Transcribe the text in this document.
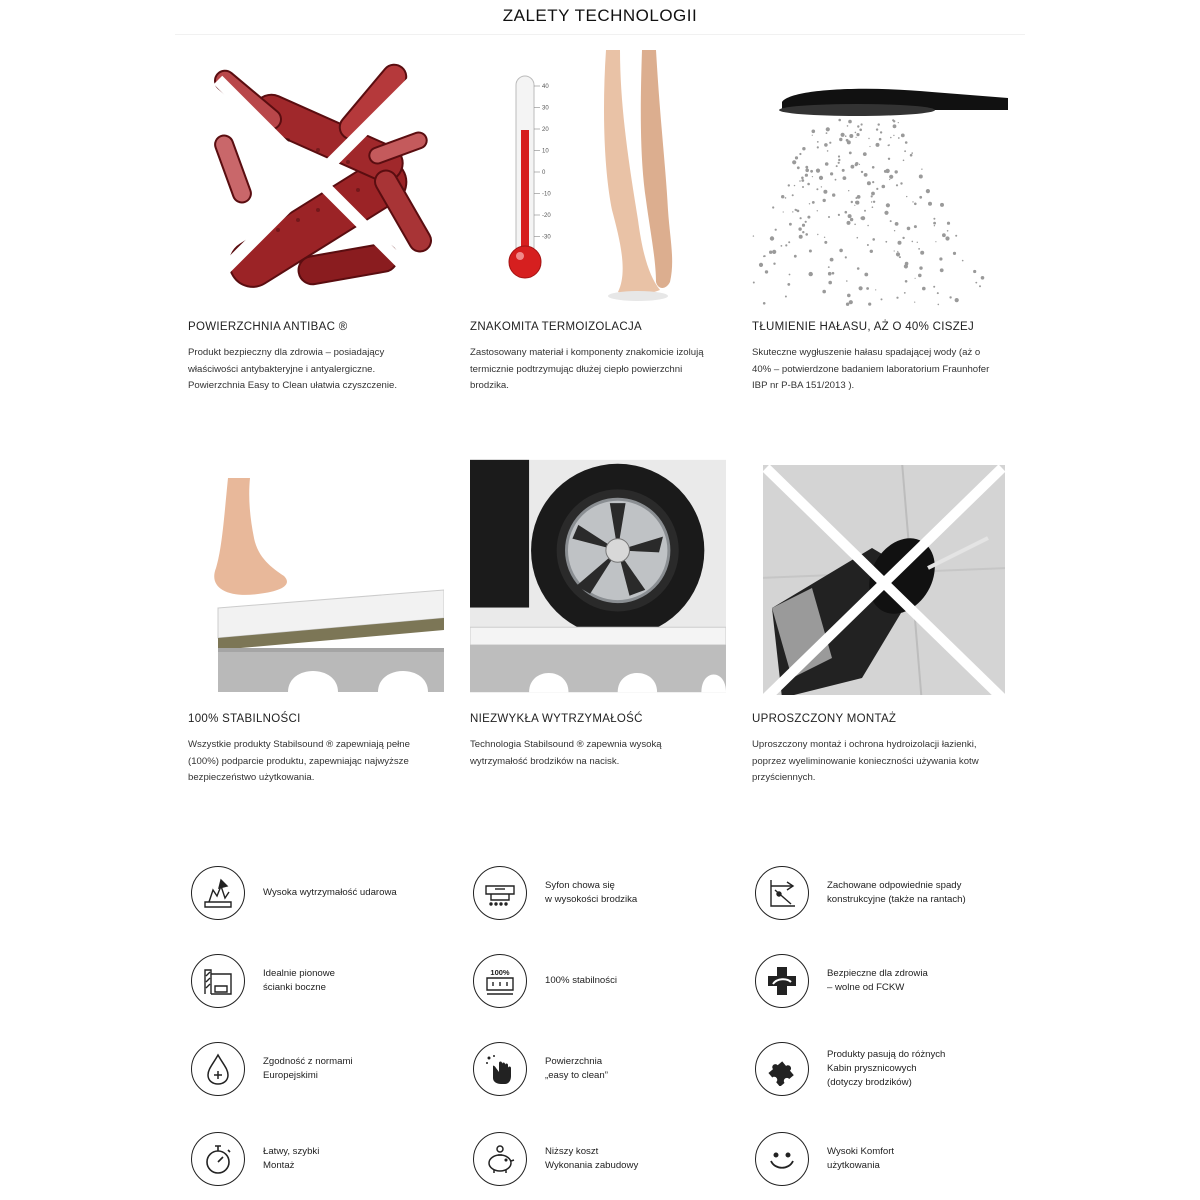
ZALETY TECHNOLOGII
POWIERZCHNIA ANTIBAC ®

Produkt bezpieczny dla zdrowia – posiadający właściwości antybakteryjne i antyalergiczne. Powierzchnia Easy to Clean ułatwia czyszczenie.

40
30
20
10
0
-10
-20
-30
ZNAKOMITA TERMOIZOLACJA

Zastosowany materiał i komponenty znakomicie izolują termicznie podtrzymując dłużej ciepło powierzchni brodzika.

TŁUMIENIE HAŁASU, AŻ O 40% CISZEJ

Skuteczne wygłuszenie hałasu spadającej wody (aż o 40% – potwierdzone badaniem laboratorium Fraunhofer IBP nr P-BA 151/2013 ).

100% STABILNOŚCI

Wszystkie produkty Stabilsound ® zapewniają pełne (100%) podparcie produktu, zapewniając najwyższe bezpieczeństwo użytkowania.

NIEZWYKŁA WYTRZYMAŁOŚĆ

Technologia Stabilsound ® zapewnia wysoką wytrzymałość brodzików na nacisk.

UPROSZCZONY MONTAŻ

Uproszczony montaż i ochrona hydroizolacji łazienki, poprzez wyeliminowanie konieczności używania kotw przyściennych.

Wysoka wytrzymałość udarowa
Syfon chowa się
w wysokości brodzika
Zachowane odpowiednie spady
konstrukcyjne (także na rantach)
Idealnie pionowe
ścianki boczne
100%
100% stabilności
Bezpieczne dla zdrowia
– wolne od FCKW
Zgodność z normami
Europejskimi
Powierzchnia
„easy to clean”
Produkty pasują do różnych
Kabin prysznicowych
(dotyczy brodzików)
Łatwy, szybki
Montaż
Niższy koszt
Wykonania zabudowy
Wysoki Komfort
użytkowania
